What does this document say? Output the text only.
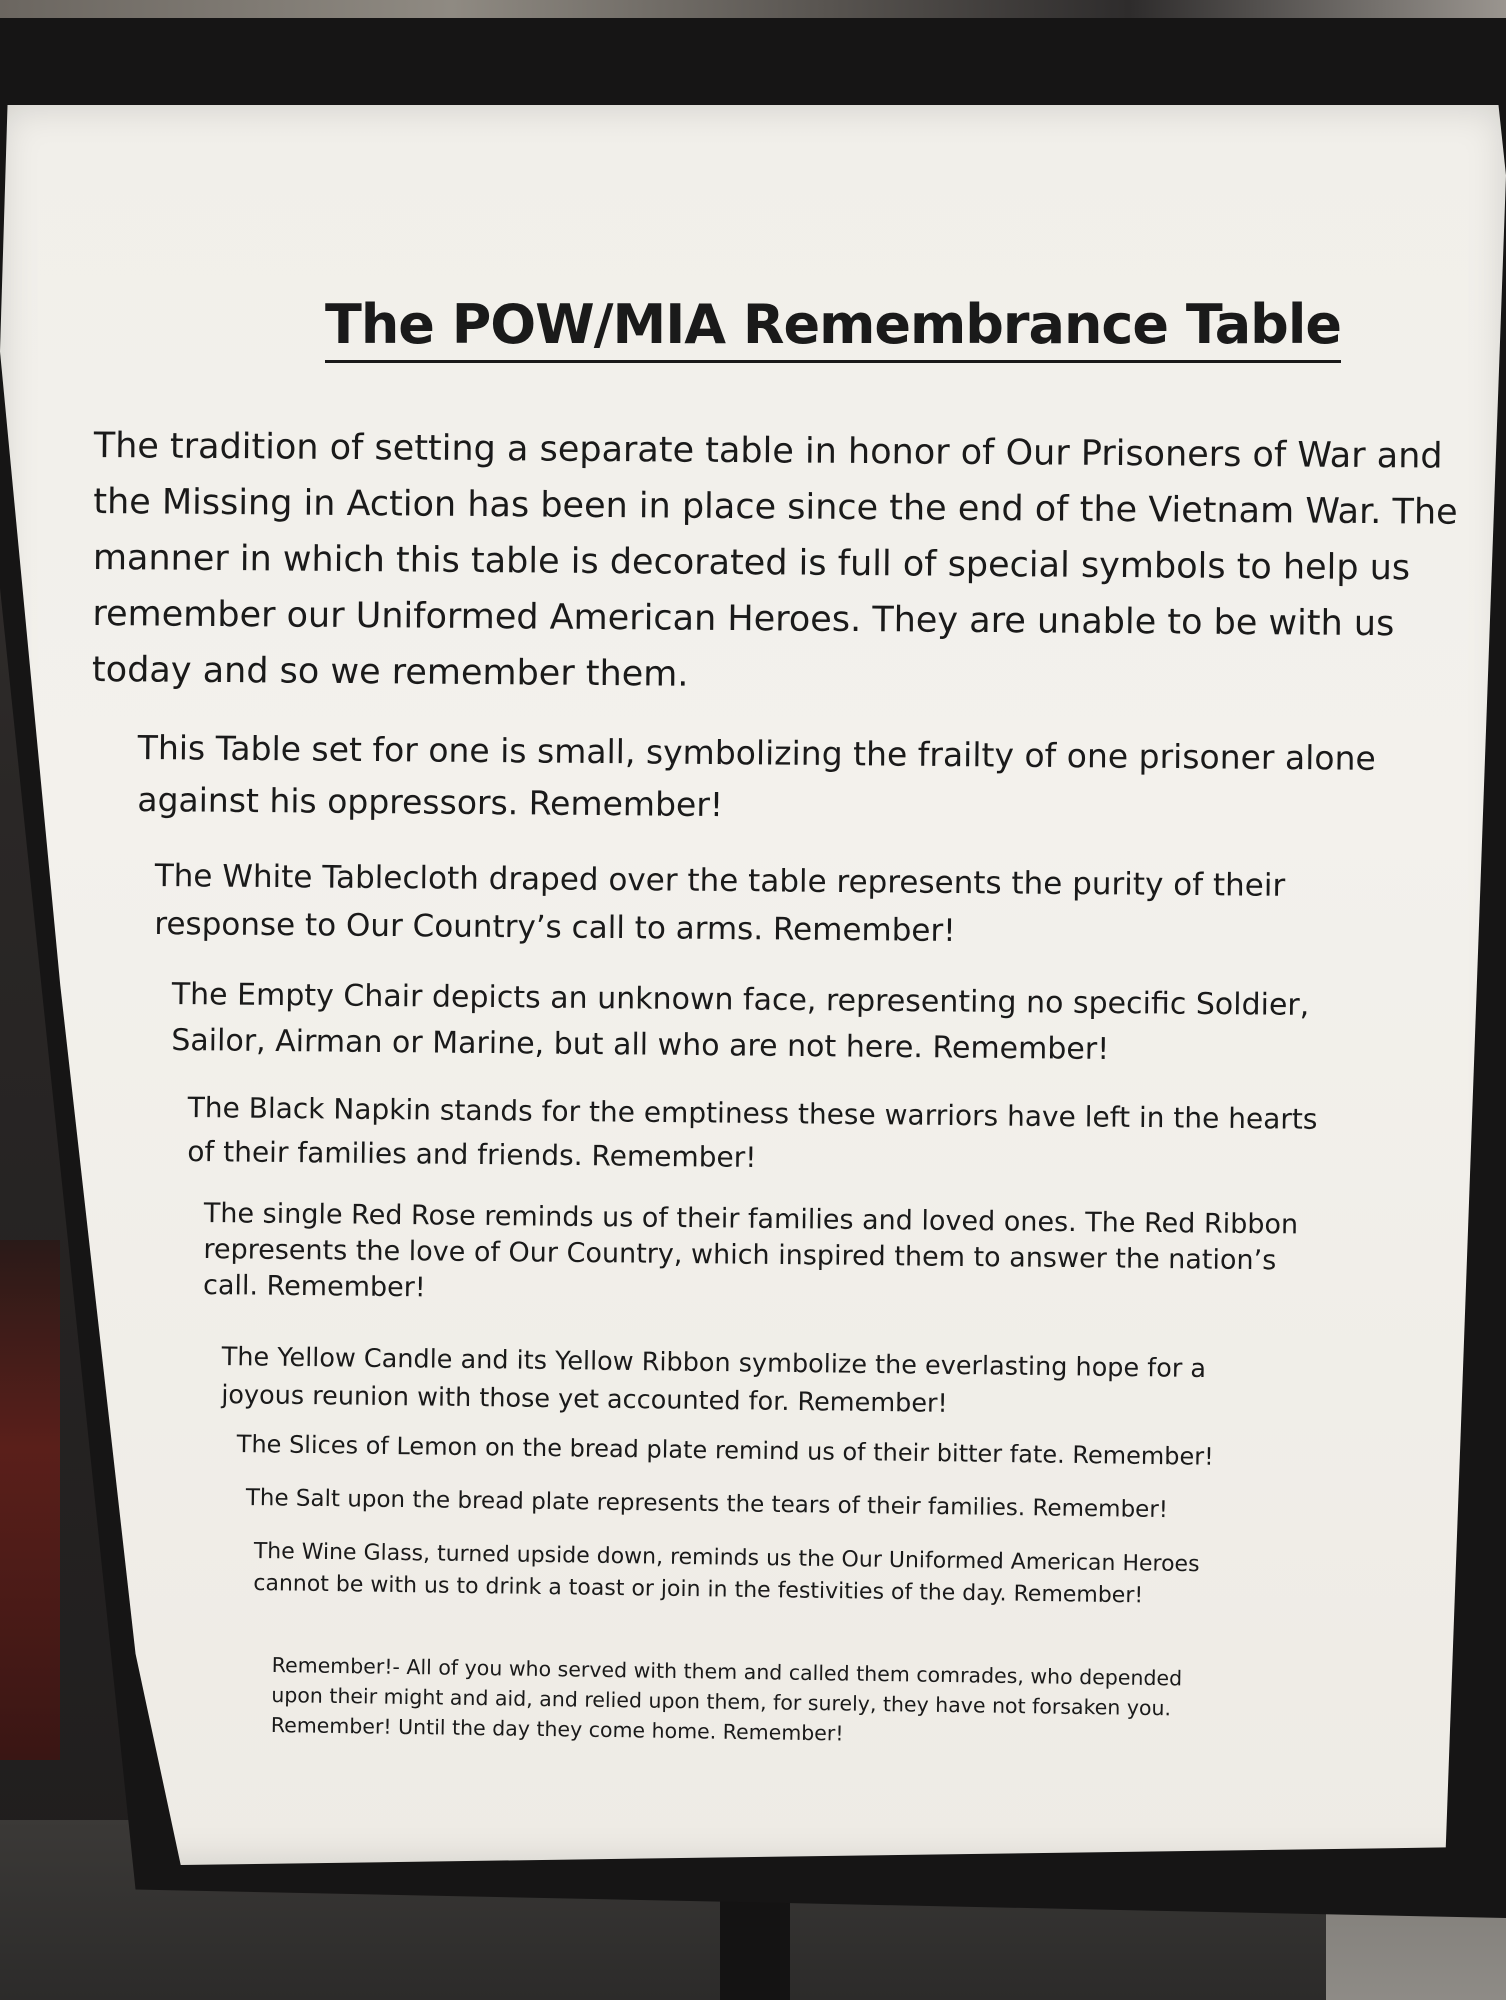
The POW/MIA Remembrance Table

The tradition of setting a separate table in honor of Our Prisoners of War and the Missing in Action has been in place since the end of the Vietnam War. The manner in which this table is decorated is full of special symbols to help us remember our Uniformed American Heroes. They are unable to be with us today and so we remember them.

This Table set for one is small, symbolizing the frailty of one prisoner alone against his oppressors. Remember!

The White Tablecloth draped over the table represents the purity of their response to Our Country’s call to arms. Remember!

The Empty Chair depicts an unknown face, representing no specific Soldier, Sailor, Airman or Marine, but all who are not here. Remember!

The Black Napkin stands for the emptiness these warriors have left in the hearts of their families and friends. Remember!

The single Red Rose reminds us of their families and loved ones. The Red Ribbon represents the love of Our Country, which inspired them to answer the nation’s call. Remember!

The Yellow Candle and its Yellow Ribbon symbolize the everlasting hope for a joyous reunion with those yet accounted for. Remember!

The Slices of Lemon on the bread plate remind us of their bitter fate. Remember!

The Salt upon the bread plate represents the tears of their families. Remember!

The Wine Glass, turned upside down, reminds us the Our Uniformed American Heroes cannot be with us to drink a toast or join in the festivities of the day. Remember!

Remember!- All of you who served with them and called them comrades, who depended upon their might and aid, and relied upon them, for surely, they have not forsaken you. Remember! Until the day they come home. Remember!
